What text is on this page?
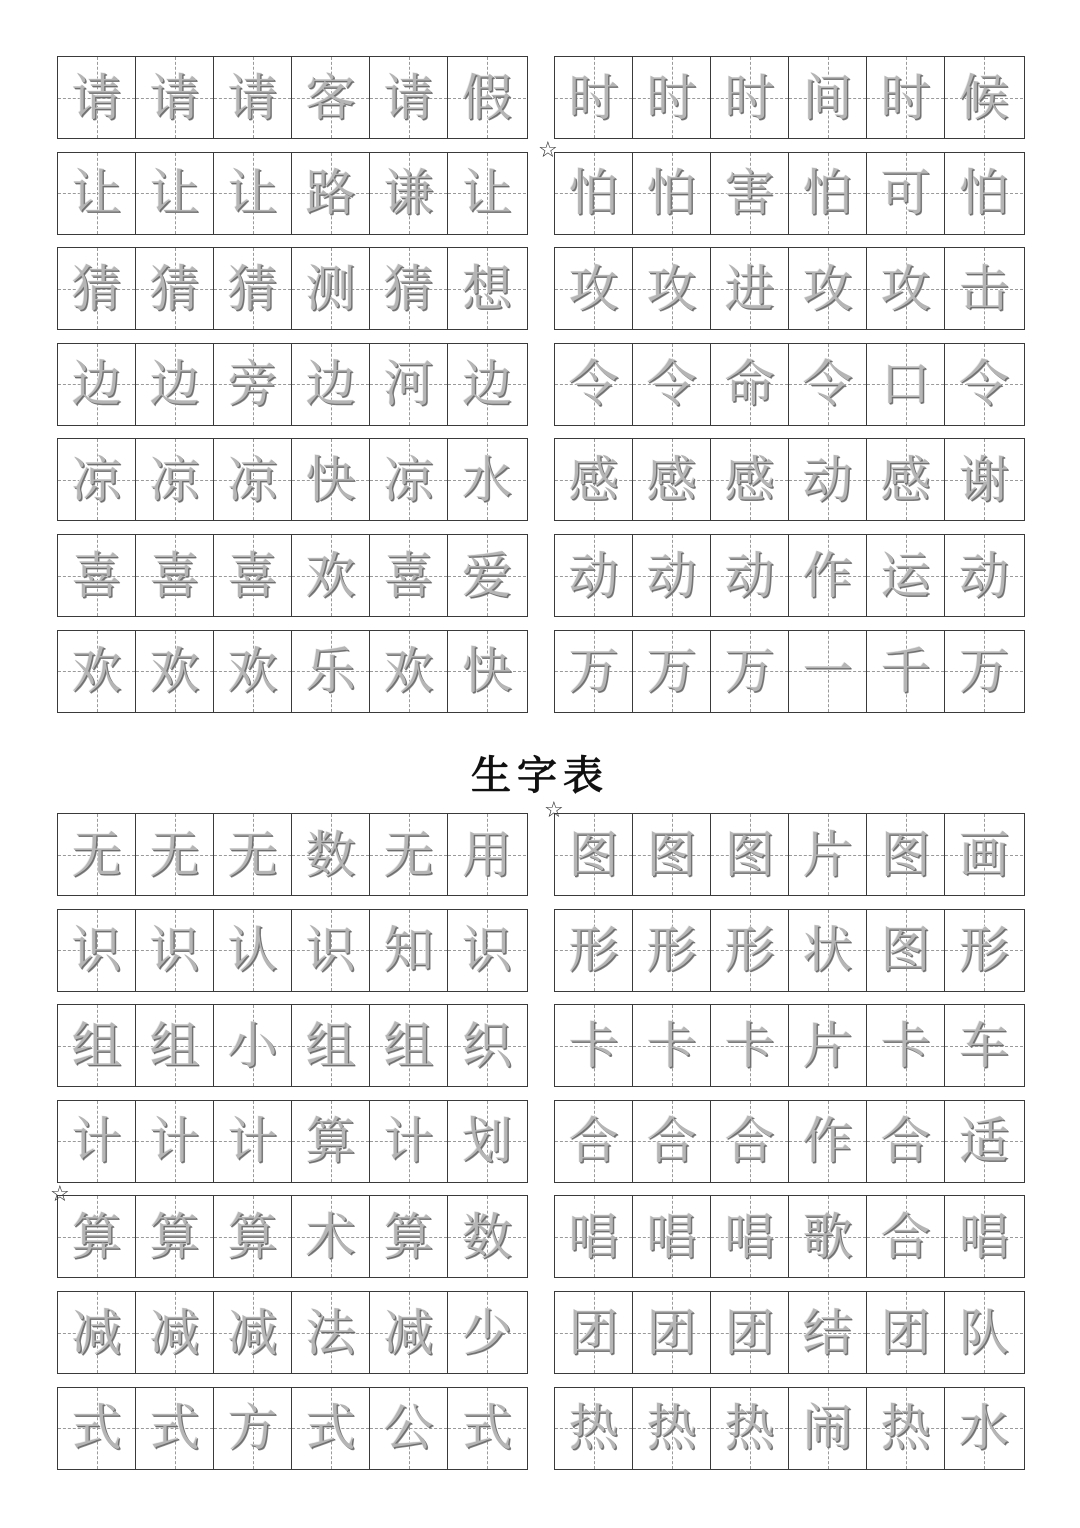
生字表
☆
☆
☆
请 请 请 客 请 假
让 让 让 路 谦 让
猜 猜 猜 测 猜 想
边 边 旁 边 河 边
凉 凉 凉 快 凉 水
喜 喜 喜 欢 喜 爱
欢 欢 欢 乐 欢 快
时 时 时 间 时 候
怕 怕 害 怕 可 怕
攻 攻 进 攻 攻 击
令 令 命 令 口 令
感 感 感 动 感 谢
动 动 动 作 运 动
万 万 万 一 千 万
无 无 无 数 无 用
识 识 认 识 知 识
组 组 小 组 组 织
计 计 计 算 计 划
算 算 算 术 算 数
减 减 减 法 减 少
式 式 方 式 公 式
图 图 图 片 图 画
形 形 形 状 图 形
卡 卡 卡 片 卡 车
合 合 合 作 合 适
唱 唱 唱 歌 合 唱
团 团 团 结 团 队
热 热 热 闹 热 水
